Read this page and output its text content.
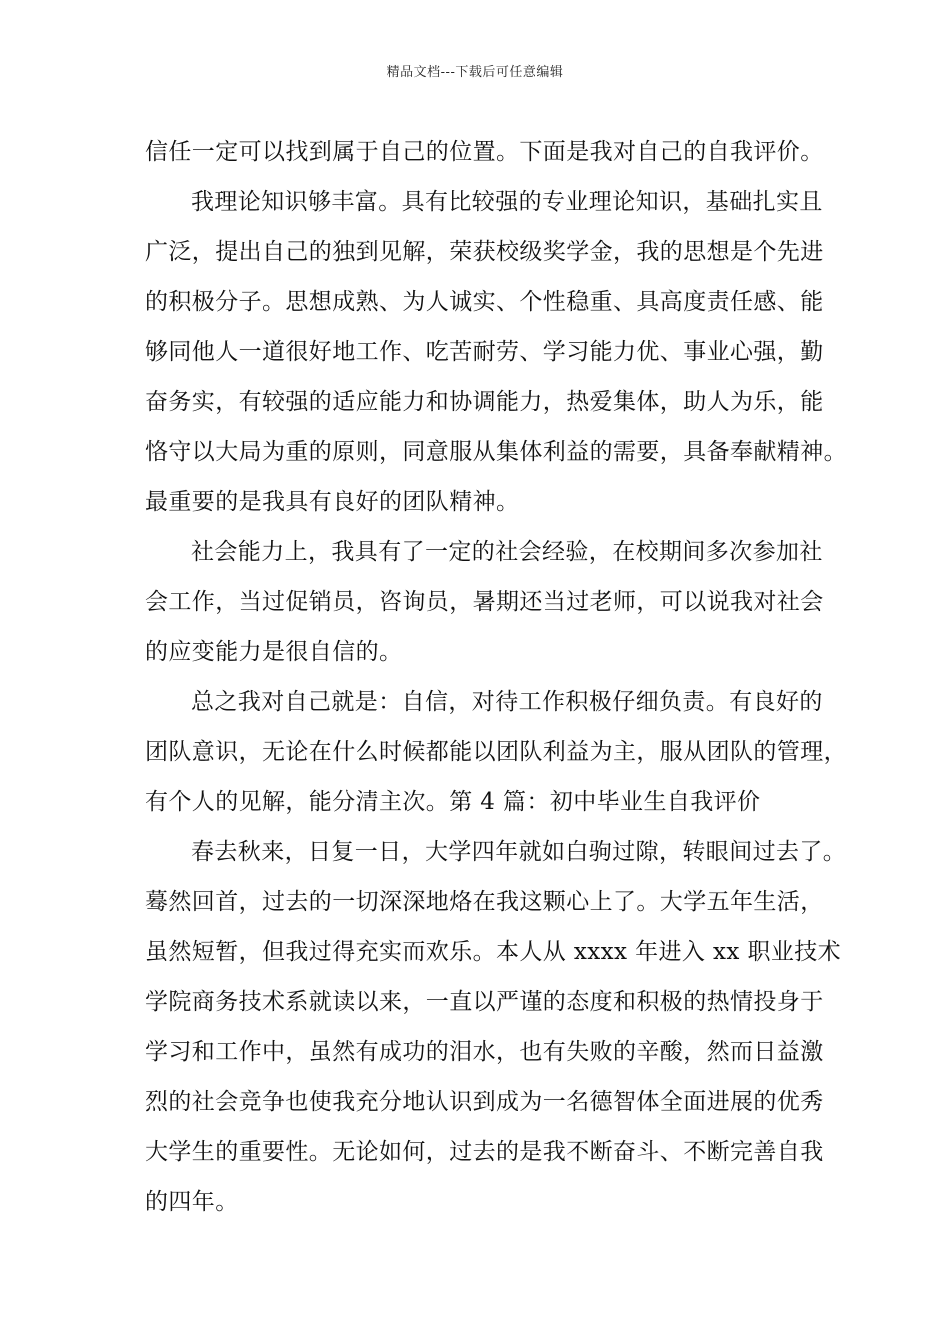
精品文档---下载后可任意编辑
信任一定可以找到属于自己的位置。下面是我对自己的自我评价。
我理论知识够丰富。具有比较强的专业理论知识，基础扎实且
广泛，提出自己的独到见解，荣获校级奖学金，我的思想是个先进
的积极分子。思想成熟、为人诚实、个性稳重、具高度责任感、能
够同他人一道很好地工作、吃苦耐劳、学习能力优、事业心强，勤
奋务实，有较强的适应能力和协调能力，热爱集体，助人为乐，能
恪守以大局为重的原则，同意服从集体利益的需要，具备奉献精神。
最重要的是我具有良好的团队精神。
社会能力上，我具有了一定的社会经验，在校期间多次参加社
会工作，当过促销员，咨询员，暑期还当过老师，可以说我对社会
的应变能力是很自信的。
总之我对自己就是：自信，对待工作积极仔细负责。有良好的
团队意识，无论在什么时候都能以团队利益为主，服从团队的管理，
有个人的见解，能分清主次。第 4 篇：初中毕业生自我评价
春去秋来，日复一日，大学四年就如白驹过隙，转眼间过去了。
蓦然回首，过去的一切深深地烙在我这颗心上了。大学五年生活，
虽然短暂，但我过得充实而欢乐。本人从 xxxx 年进入 xx 职业技术
学院商务技术系就读以来，一直以严谨的态度和积极的热情投身于
学习和工作中，虽然有成功的泪水，也有失败的辛酸，然而日益激
烈的社会竞争也使我充分地认识到成为一名德智体全面进展的优秀
大学生的重要性。无论如何，过去的是我不断奋斗、不断完善自我
的四年。
